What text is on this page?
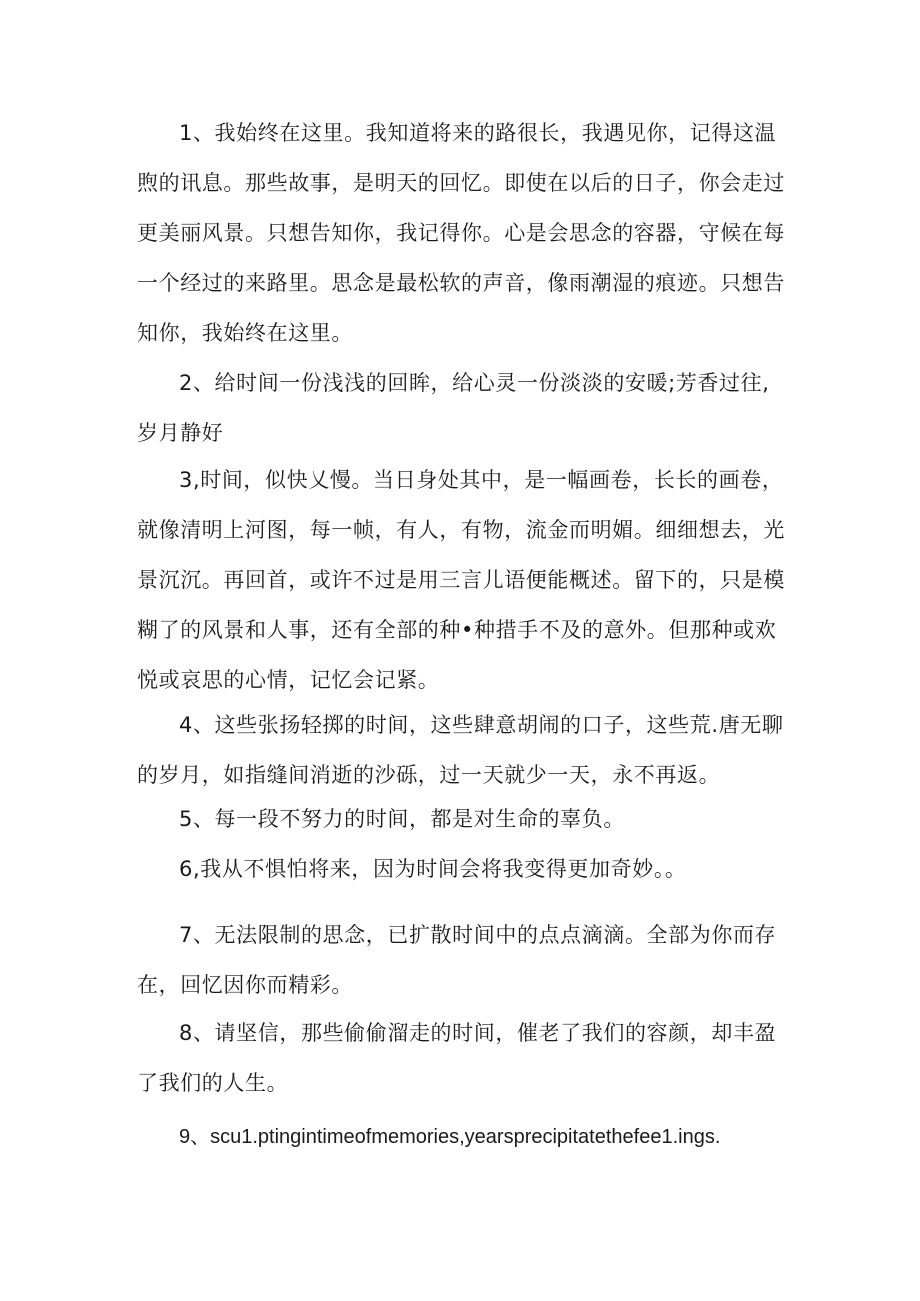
1、我始终在这里。我知道将来的路很长，我遇见你，记得这温煦的讯息。那些故事，是明天的回忆。即使在以后的日子，你会走过更美丽风景。只想告知你，我记得你。心是会思念的容器，守候在每一个经过的来路里。思念是最松软的声音，像雨潮湿的痕迹。只想告知你，我始终在这里。

2、给时间一份浅浅的回眸，给心灵一份淡淡的安暖;芳香过往,岁月静好

3,时间，似快乂慢。当日身处其中，是一幅画卷，长长的画卷，就像清明上河图，每一帧，有人，有物，流金而明媚。细细想去，光景沉沉。再回首，或许不过是用三言儿语便能概述。留下的，只是模糊了的风景和人事，还有全部的种•种措手不及的意外。但那种或欢悦或哀思的心情，记忆会记紧。

4、这些张扬轻掷的时间，这些肆意胡闹的口子，这些荒.唐无聊的岁月，如指缝间消逝的沙砾，过一天就少一天，永不再返。

5、每一段不努力的时间，都是对生命的辜负。

6,我从不惧怕将来，因为时间会将我变得更加奇妙。。

7、无法限制的思念，已扩散时间中的点点滴滴。全部为你而存在，回忆因你而精彩。

8、请坚信，那些偷偷溜走的时间，催老了我们的容颜，却丰盈了我们的人生。

9、scu1.ptingintimeofmemories,yearsprecipitatethefee1.ings.
